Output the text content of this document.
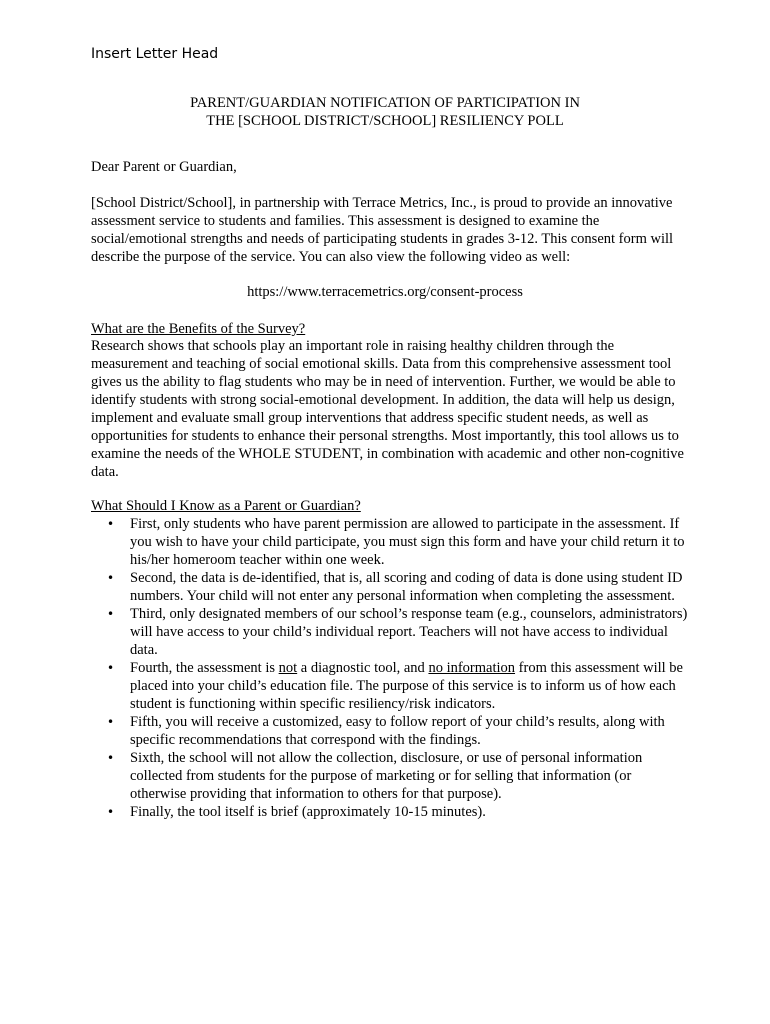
Insert Letter Head
PARENT/GUARDIAN NOTIFICATION OF PARTICIPATION IN
THE [SCHOOL DISTRICT/SCHOOL] RESILIENCY POLL
Dear Parent or Guardian,
[School District/School], in partnership with Terrace Metrics, Inc., is proud to provide an innovative assessment service to students and families. This assessment is designed to examine the social/emotional strengths and needs of participating students in grades 3-12. This consent form will describe the purpose of the service. You can also view the following video as well:
https://www.terracemetrics.org/consent-process
What are the Benefits of the Survey?
Research shows that schools play an important role in raising healthy children through the measurement and teaching of social emotional skills. Data from this comprehensive assessment tool gives us the ability to flag students who may be in need of intervention. Further, we would be able to identify students with strong social-emotional development. In addition, the data will help us design, implement and evaluate small group interventions that address specific student needs, as well as opportunities for students to enhance their personal strengths. Most importantly, this tool allows us to examine the needs of the WHOLE STUDENT, in combination with academic and other non-cognitive data.
What Should I Know as a Parent or Guardian?
• First, only students who have parent permission are allowed to participate in the assessment. If you wish to have your child participate, you must sign this form and have your child return it to his/her homeroom teacher within one week.
• Second, the data is de-identified, that is, all scoring and coding of data is done using student ID numbers. Your child will not enter any personal information when completing the assessment.
• Third, only designated members of our school’s response team (e.g., counselors, administrators) will have access to your child’s individual report. Teachers will not have access to individual data.
• Fourth, the assessment is not a diagnostic tool, and no information from this assessment will be placed into your child’s education file. The purpose of this service is to inform us of how each student is functioning within specific resiliency/risk indicators.
• Fifth, you will receive a customized, easy to follow report of your child’s results, along with specific recommendations that correspond with the findings.
• Sixth, the school will not allow the collection, disclosure, or use of personal information collected from students for the purpose of marketing or for selling that information (or otherwise providing that information to others for that purpose).
• Finally, the tool itself is brief (approximately 10-15 minutes).
